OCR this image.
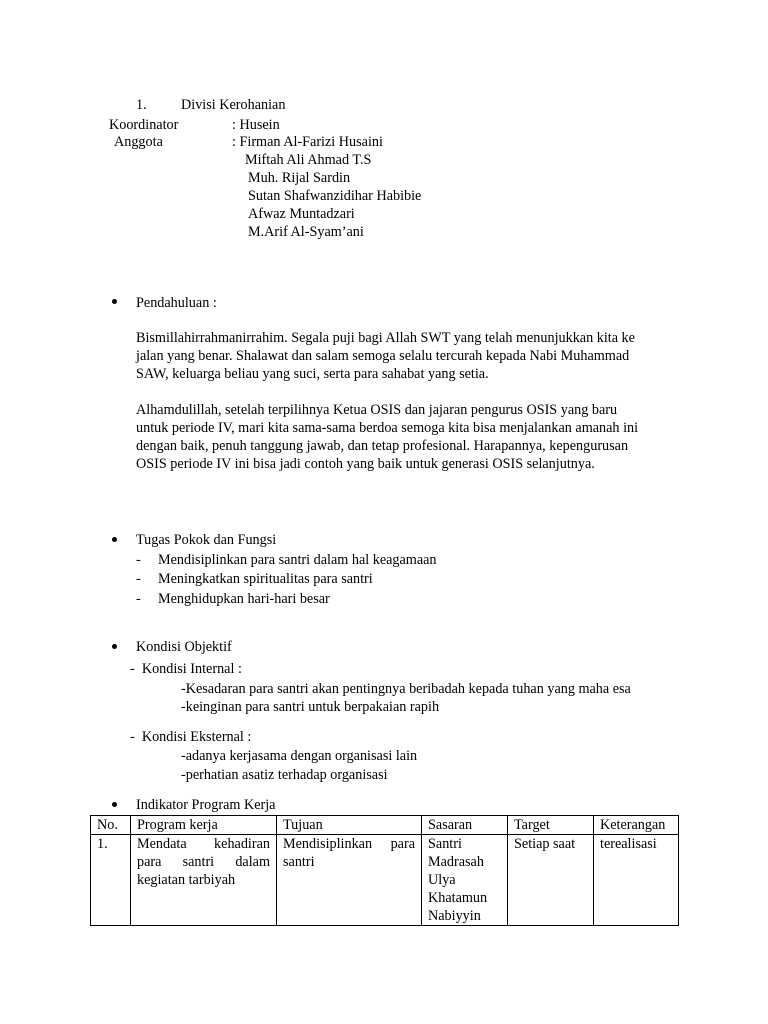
1. Divisi Kerohanian
Koordinator	: Husein
Anggota	: Firman Al-Farizi Husaini
Miftah Ali Ahmad T.S
Muh. Rijal Sardin
Sutan Shafwanzidihar Habibie
Afwaz Muntadzari
M.Arif Al-Syam’ani
Pendahuluan :
Bismillahirrahmanirrahim. Segala puji bagi Allah SWT yang telah menunjukkan kita ke
jalan yang benar. Shalawat dan salam semoga selalu tercurah kepada Nabi Muhammad
SAW, keluarga beliau yang suci, serta para sahabat yang setia.
Alhamdulillah, setelah terpilihnya Ketua OSIS dan jajaran pengurus OSIS yang baru
untuk periode IV, mari kita sama-sama berdoa semoga kita bisa menjalankan amanah ini
dengan baik, penuh tanggung jawab, dan tetap profesional. Harapannya, kepengurusan
OSIS periode IV ini bisa jadi contoh yang baik untuk generasi OSIS selanjutnya.
Tugas Pokok dan Fungsi
- Mendisiplinkan para santri dalam hal keagamaan
- Meningkatkan spiritualitas para santri
- Menghidupkan hari-hari besar
Kondisi Objektif
-  Kondisi Internal :
-Kesadaran para santri akan pentingnya beribadah kepada tuhan yang maha esa
-keinginan para santri untuk berpakaian rapih
-  Kondisi Eksternal :
-adanya kerjasama dengan organisasi lain
-perhatian asatiz terhadap organisasi
Indikator Program Kerja
No.	Program kerja	Tujuan	Sasaran	Target	Keterangan
1.	Mendata kehadiran para santri dalam kegiatan tarbiyah	Mendisiplinkan para santri	Santri Madrasah Ulya Khatamun Nabiyyin	Setiap saat	terealisasi
